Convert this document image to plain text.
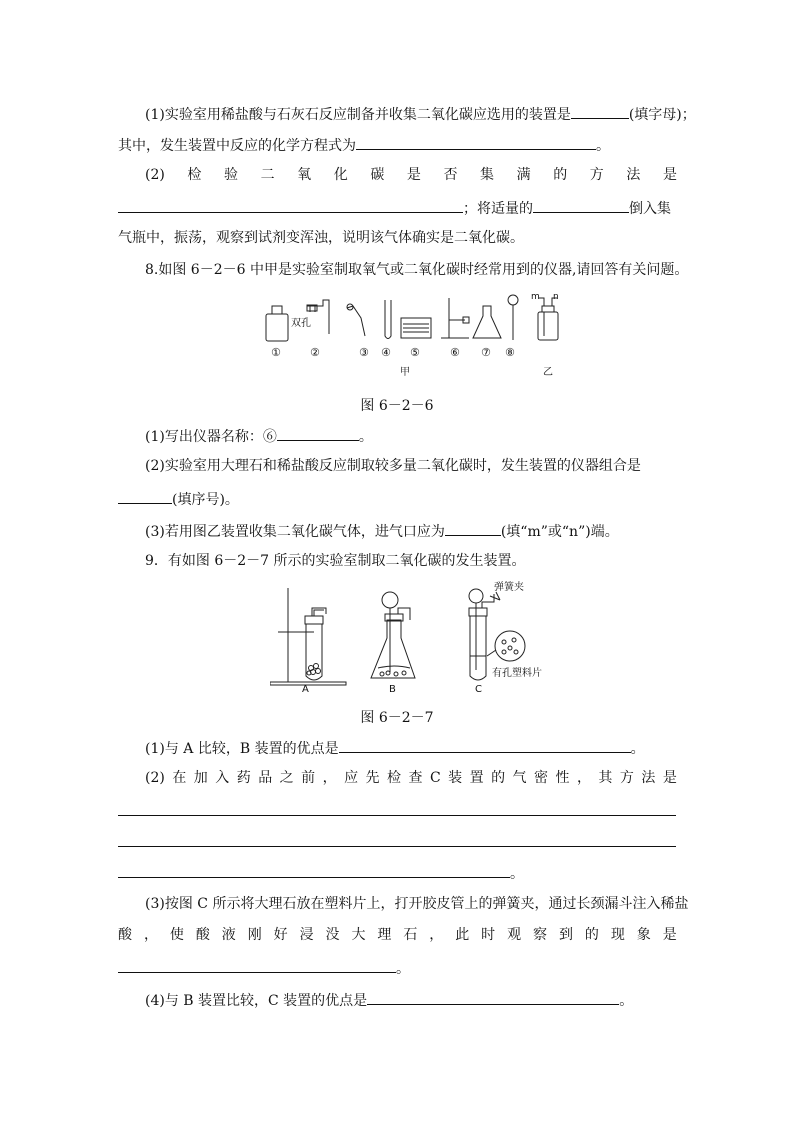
(1)实验室用稀盐酸与石灰石反应制备并收集二氧化碳应选用的装置是	(填字母)；
其中，发生装置中反应的化学方程式为	。
(2) 检 验 二 氧 化 碳 是 否 集 满 的 方 法 是
；将适量的	倒入集
气瓶中，振荡，观察到试剂变浑浊，说明该气体确实是二氧化碳。
8.如图 6－2－6 中甲是实验室制取氧气或二氧化碳时经常用到的仪器,请回答有关问题。
①	②	③ ④ ⑤	⑥ ⑦ ⑧
双孔
甲	乙
m n
图 6－2－6
(1)写出仪器名称：⑥	。
(2)实验室用大理石和稀盐酸反应制取较多量二氧化碳时，发生装置的仪器组合是
(填序号)。
(3)若用图乙装置收集二氧化碳气体，进气口应为	(填“m”或“n”)端。
9．有如图 6－2－7 所示的实验室制取二氧化碳的发生装置。
A	B	C
弹簧夹
有孔塑料片
图 6－2－7
(1)与 A 比较，B 装置的优点是	。
(2) 在 加 入 药 品 之 前 ， 应 先 检 查 C 装 置 的 气 密 性 ， 其 方 法 是
。
(3)按图 C 所示将大理石放在塑料片上，打开胶皮管上的弹簧夹，通过长颈漏斗注入稀盐
酸 ， 使 酸 液 刚 好 浸 没 大 理 石 ， 此 时 观 察 到 的 现 象 是
。
(4)与 B 装置比较，C 装置的优点是	。
